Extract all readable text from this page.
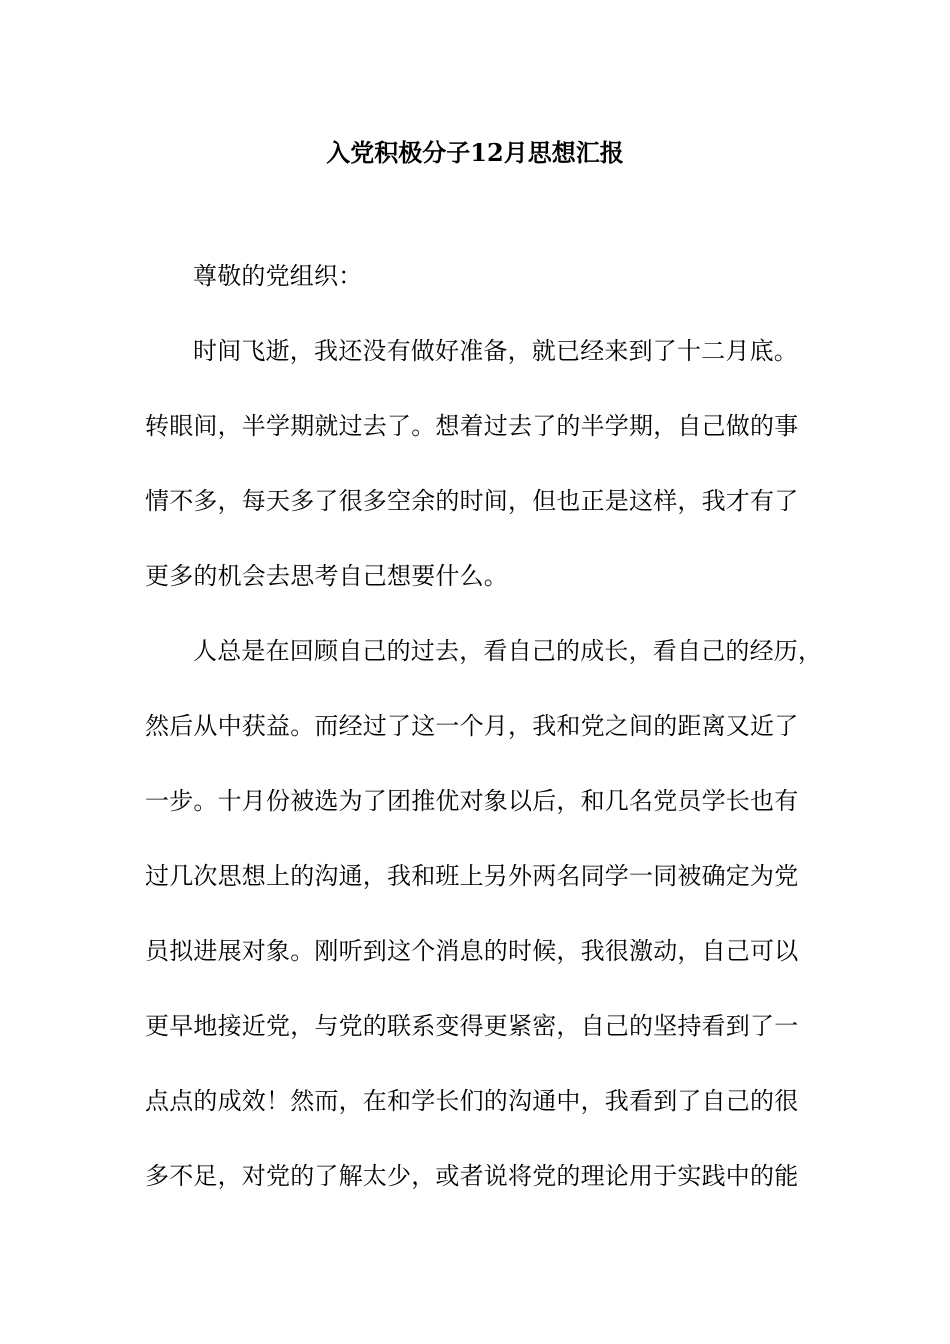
入党积极分子12月思想汇报
尊敬的党组织：
时间飞逝，我还没有做好准备，就已经来到了十二月底。
转眼间，半学期就过去了。想着过去了的半学期，自己做的事
情不多，每天多了很多空余的时间，但也正是这样，我才有了
更多的机会去思考自己想要什么。
人总是在回顾自己的过去，看自己的成长，看自己的经历，
然后从中获益。而经过了这一个月，我和党之间的距离又近了
一步。十月份被选为了团推优对象以后，和几名党员学长也有
过几次思想上的沟通，我和班上另外两名同学一同被确定为党
员拟进展对象。刚听到这个消息的时候，我很激动，自己可以
更早地接近党，与党的联系变得更紧密，自己的坚持看到了一
点点的成效！然而，在和学长们的沟通中，我看到了自己的很
多不足，对党的了解太少，或者说将党的理论用于实践中的能
